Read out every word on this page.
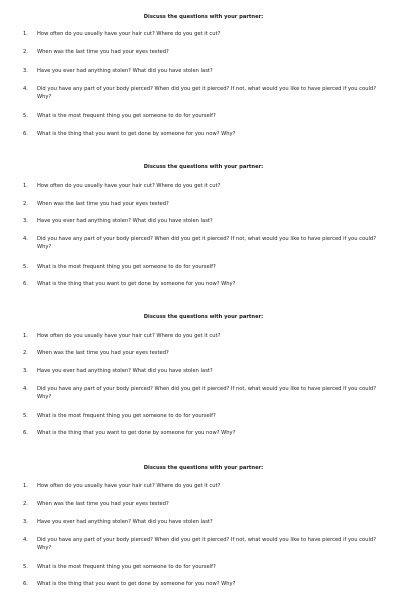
Discuss the questions with your partner:
1. How often do you usually have your hair cut? Where do you get it cut?
2. When was the last time you had your eyes tested?
3. Have you ever had anything stolen? What did you have stolen last?
4. Did you have any part of your body pierced? When did you get it pierced? If not, what would you like to have pierced if you could? Why?
5. What is the most frequent thing you get someone to do for yourself?
6. What is the thing that you want to get done by someone for you now? Why?
Discuss the questions with your partner:
1. How often do you usually have your hair cut? Where do you get it cut?
2. When was the last time you had your eyes tested?
3. Have you ever had anything stolen? What did you have stolen last?
4. Did you have any part of your body pierced? When did you get it pierced? If not, what would you like to have pierced if you could? Why?
5. What is the most frequent thing you get someone to do for yourself?
6. What is the thing that you want to get done by someone for you now? Why?
Discuss the questions with your partner:
1. How often do you usually have your hair cut? Where do you get it cut?
2. When was the last time you had your eyes tested?
3. Have you ever had anything stolen? What did you have stolen last?
4. Did you have any part of your body pierced? When did you get it pierced? If not, what would you like to have pierced if you could? Why?
5. What is the most frequent thing you get someone to do for yourself?
6. What is the thing that you want to get done by someone for you now? Why?
Discuss the questions with your partner:
1. How often do you usually have your hair cut? Where do you get it cut?
2. When was the last time you had your eyes tested?
3. Have you ever had anything stolen? What did you have stolen last?
4. Did you have any part of your body pierced? When did you get it pierced? If not, what would you like to have pierced if you could? Why?
5. What is the most frequent thing you get someone to do for yourself?
6. What is the thing that you want to get done by someone for you now? Why?
